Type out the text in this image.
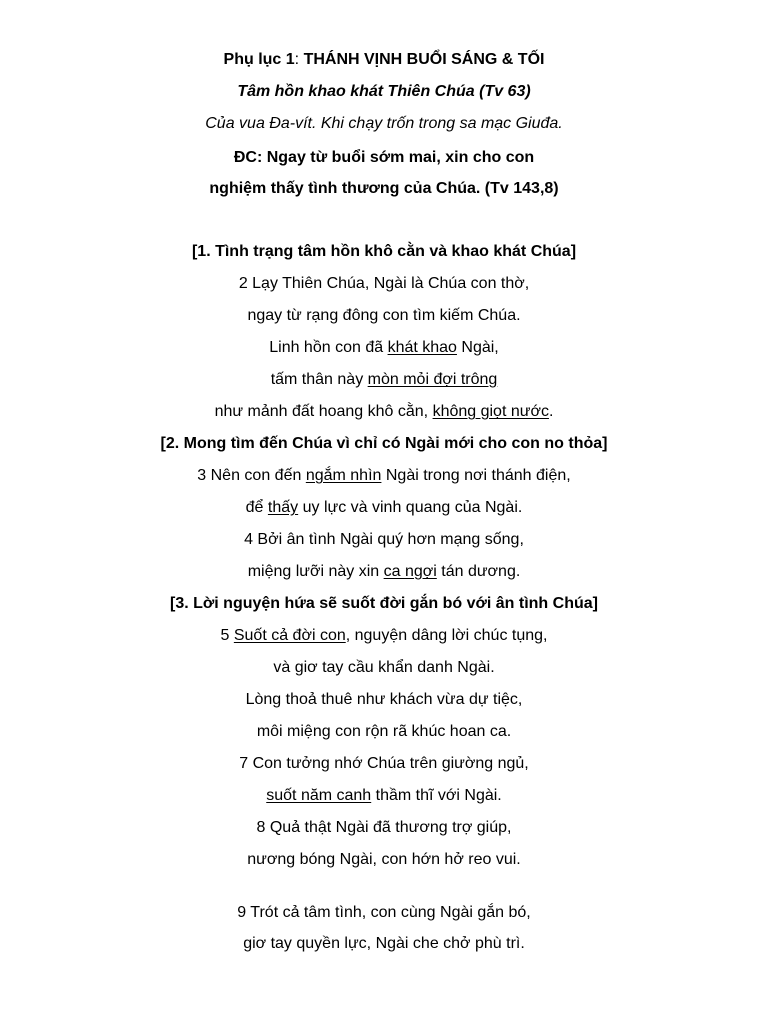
Phụ lục 1: THÁNH VỊNH BUỔI SÁNG & TỐI
Tâm hồn khao khát Thiên Chúa (Tv 63)
Của vua Đa-vít. Khi chạy trốn trong sa mạc Giuđa.
ĐC: Ngay từ buổi sớm mai, xin cho con
nghiệm thấy tình thương của Chúa. (Tv 143,8)
[1. Tình trạng tâm hồn khô cằn và khao khát Chúa]
2 Lạy Thiên Chúa, Ngài là Chúa con thờ,
ngay từ rạng đông con tìm kiếm Chúa.
Linh hồn con đã khát khao Ngài,
tấm thân này mòn mỏi đợi trông
như mảnh đất hoang khô cằn, không giọt nước.
[2. Mong tìm đến Chúa vì chỉ có Ngài mới cho con no thỏa]
3 Nên con đến ngắm nhìn Ngài trong nơi thánh điện,
để thấy uy lực và vinh quang của Ngài.
4 Bởi ân tình Ngài quý hơn mạng sống,
miệng lưỡi này xin ca ngợi tán dương.
[3. Lời nguyện hứa sẽ suốt đời gắn bó với ân tình Chúa]
5 Suốt cả đời con, nguyện dâng lời chúc tụng,
và giơ tay cầu khẩn danh Ngài.
Lòng thoả thuê như khách vừa dự tiệc,
môi miệng con rộn rã khúc hoan ca.
7 Con tưởng nhớ Chúa trên giường ngủ,
suốt năm canh thầm thĩ với Ngài.
8 Quả thật Ngài đã thương trợ giúp,
nương bóng Ngài, con hớn hở reo vui.
9 Trót cả tâm tình, con cùng Ngài gắn bó,
giơ tay quyền lực, Ngài che chở phù trì.
